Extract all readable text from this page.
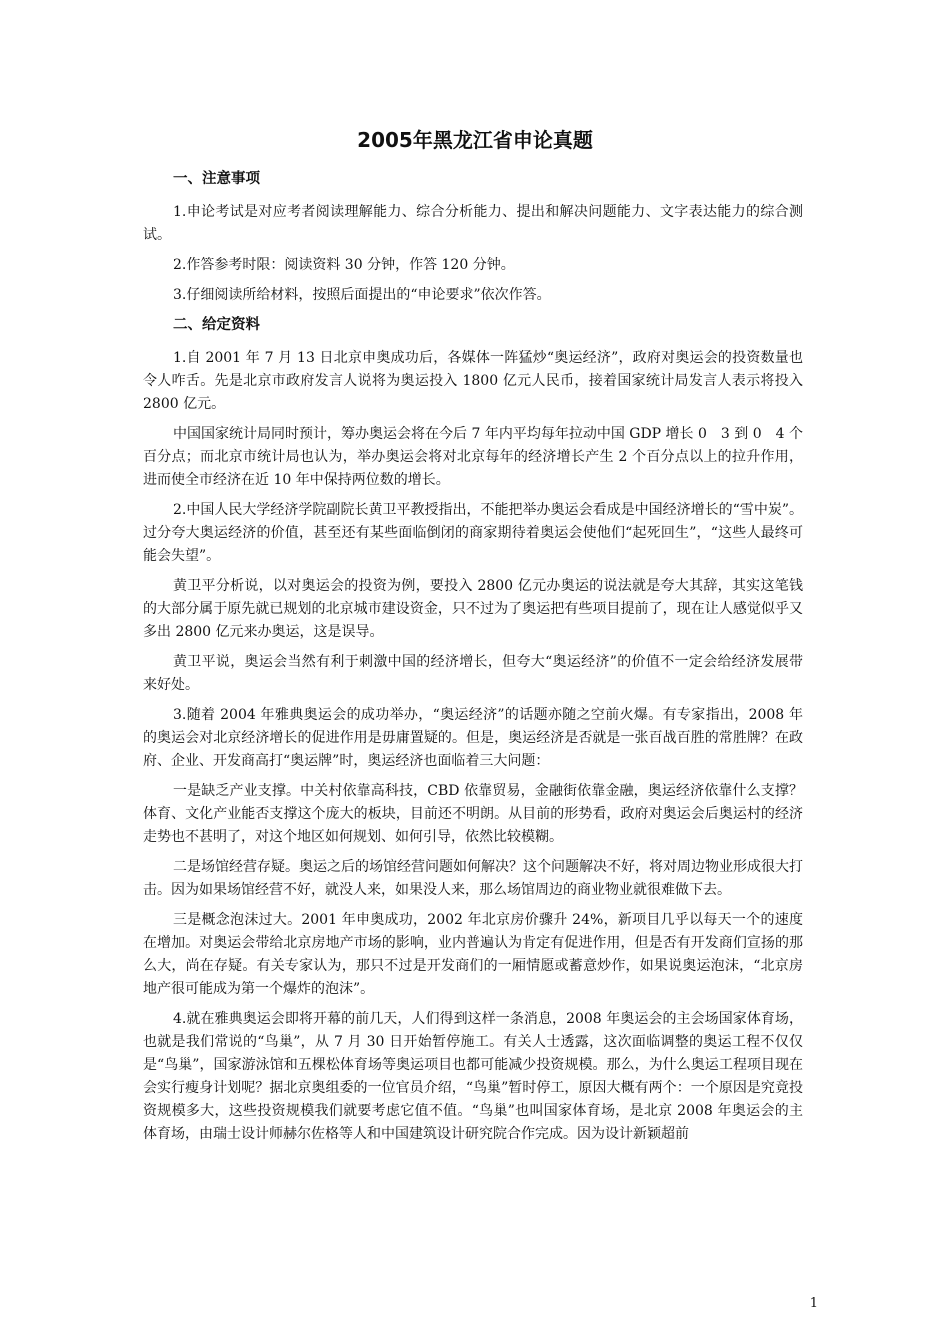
2005年黑龙江省申论真题
一、注意事项

1.申论考试是对应考者阅读理解能力、综合分析能力、提出和解决问题能力、文字表达能力的综合测试。

2.作答参考时限：阅读资料 30 分钟，作答 120 分钟。

3.仔细阅读所给材料，按照后面提出的“申论要求”依次作答。

二、给定资料

1.自 2001 年 7 月 13 日北京申奥成功后，各媒体一阵猛炒“奥运经济”，政府对奥运会的投资数量也令人咋舌。先是北京市政府发言人说将为奥运投入 1800 亿元人民币，接着国家统计局发言人表示将投入 2800 亿元。

中国国家统计局同时预计，筹办奥运会将在今后 7 年内平均每年拉动中国 GDP 增长 0　3 到 0　4 个百分点；而北京市统计局也认为，举办奥运会将对北京每年的经济增长产生 2 个百分点以上的拉升作用，进而使全市经济在近 10 年中保持两位数的增长。

2.中国人民大学经济学院副院长黄卫平教授指出，不能把举办奥运会看成是中国经济增长的“雪中炭”。过分夸大奥运经济的价值，甚至还有某些面临倒闭的商家期待着奥运会使他们“起死回生”，“这些人最终可能会失望”。

黄卫平分析说，以对奥运会的投资为例，要投入 2800 亿元办奥运的说法就是夸大其辞，其实这笔钱的大部分属于原先就已规划的北京城市建设资金，只不过为了奥运把有些项目提前了，现在让人感觉似乎又多出 2800 亿元来办奥运，这是误导。

黄卫平说，奥运会当然有利于刺激中国的经济增长，但夸大“奥运经济”的价值不一定会给经济发展带来好处。

3.随着 2004 年雅典奥运会的成功举办，“奥运经济”的话题亦随之空前火爆。有专家指出，2008 年的奥运会对北京经济增长的促进作用是毋庸置疑的。但是，奥运经济是否就是一张百战百胜的常胜牌？在政府、企业、开发商高打“奥运牌”时，奥运经济也面临着三大问题：

一是缺乏产业支撑。中关村依靠高科技，CBD 依靠贸易，金融街依靠金融，奥运经济依靠什么支撑？体育、文化产业能否支撑这个庞大的板块，目前还不明朗。从目前的形势看，政府对奥运会后奥运村的经济走势也不甚明了，对这个地区如何规划、如何引导，依然比较模糊。

二是场馆经营存疑。奥运之后的场馆经营问题如何解决？这个问题解决不好，将对周边物业形成很大打击。因为如果场馆经营不好，就没人来，如果没人来，那么场馆周边的商业物业就很难做下去。

三是概念泡沫过大。2001 年申奥成功，2002 年北京房价骤升 24%，新项目几乎以每天一个的速度在增加。对奥运会带给北京房地产市场的影响，业内普遍认为肯定有促进作用，但是否有开发商们宣扬的那么大，尚在存疑。有关专家认为，那只不过是开发商们的一厢情愿或蓄意炒作，如果说奥运泡沫，“北京房地产很可能成为第一个爆炸的泡沫”。

4.就在雅典奥运会即将开幕的前几天，人们得到这样一条消息，2008 年奥运会的主会场国家体育场，也就是我们常说的“鸟巢”，从 7 月 30 日开始暂停施工。有关人士透露，这次面临调整的奥运工程不仅仅是“鸟巢”，国家游泳馆和五棵松体育场等奥运项目也都可能减少投资规模。那么，为什么奥运工程项目现在会实行瘦身计划呢？据北京奥组委的一位官员介绍，“鸟巢”暂时停工，原因大概有两个：一个原因是究竟投资规模多大，这些投资规模我们就要考虑它值不值。“鸟巢”也叫国家体育场，是北京 2008 年奥运会的主体育场，由瑞士设计师赫尔佐格等人和中国建筑设计研究院合作完成。因为设计新颖超前

1
